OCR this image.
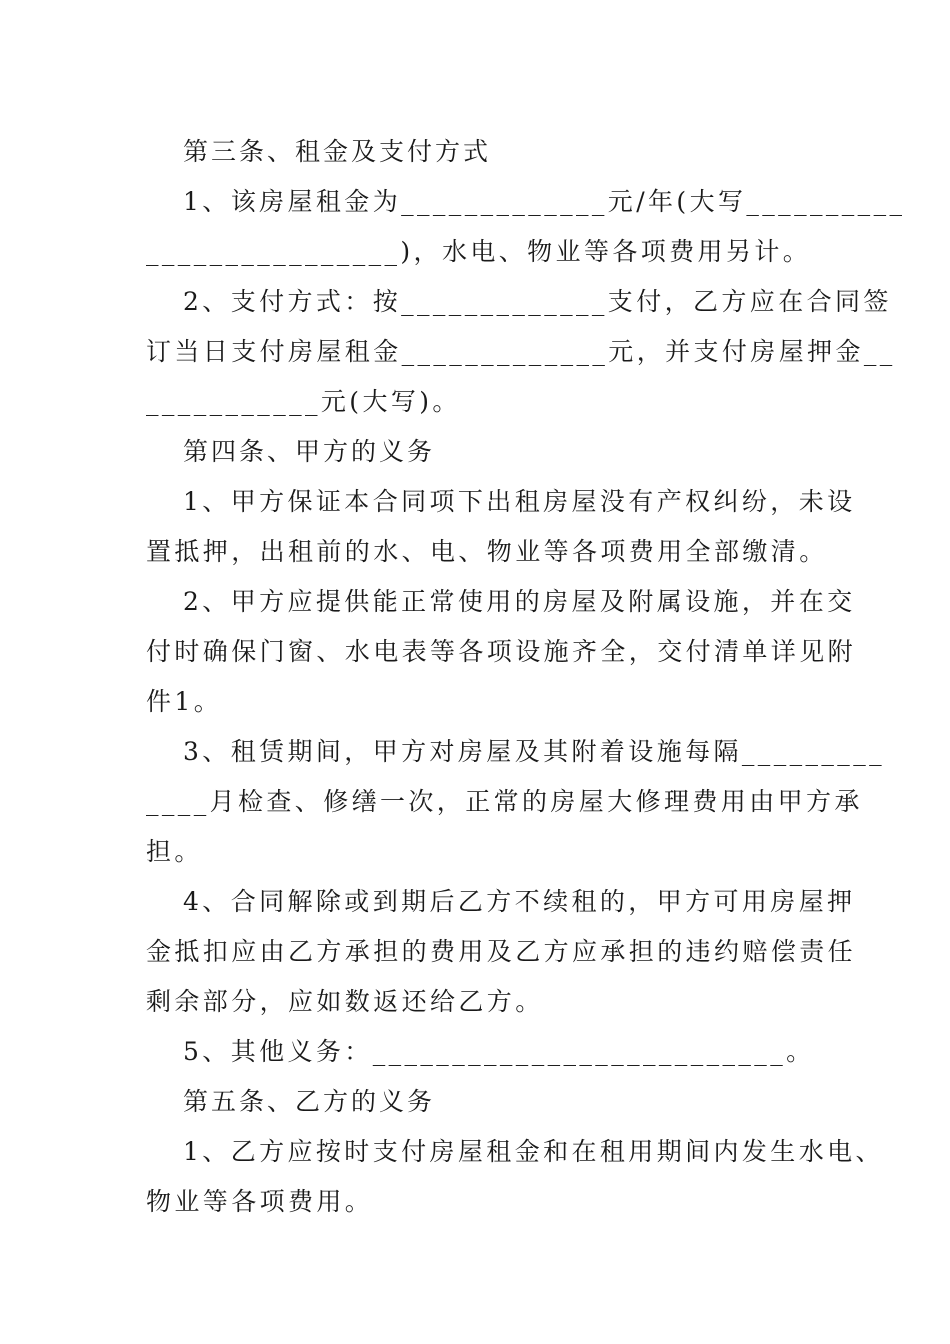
第三条、租金及支付方式
1、该房屋租金为_____________元/年(大写__________
________________)，水电、物业等各项费用另计。
2、支付方式：按_____________支付，乙方应在合同签
订当日支付房屋租金_____________元，并支付房屋押金__
___________元(大写)。
第四条、甲方的义务
1、甲方保证本合同项下出租房屋没有产权纠纷，未设
置抵押，出租前的水、电、物业等各项费用全部缴清。
2、甲方应提供能正常使用的房屋及附属设施，并在交
付时确保门窗、水电表等各项设施齐全，交付清单详见附
件1。
3、租赁期间，甲方对房屋及其附着设施每隔_________
____月检查、修缮一次，正常的房屋大修理费用由甲方承
担。
4、合同解除或到期后乙方不续租的，甲方可用房屋押
金抵扣应由乙方承担的费用及乙方应承担的违约赔偿责任
剩余部分，应如数返还给乙方。
5、其他义务：__________________________。
第五条、乙方的义务
1、乙方应按时支付房屋租金和在租用期间内发生水电、
物业等各项费用。
